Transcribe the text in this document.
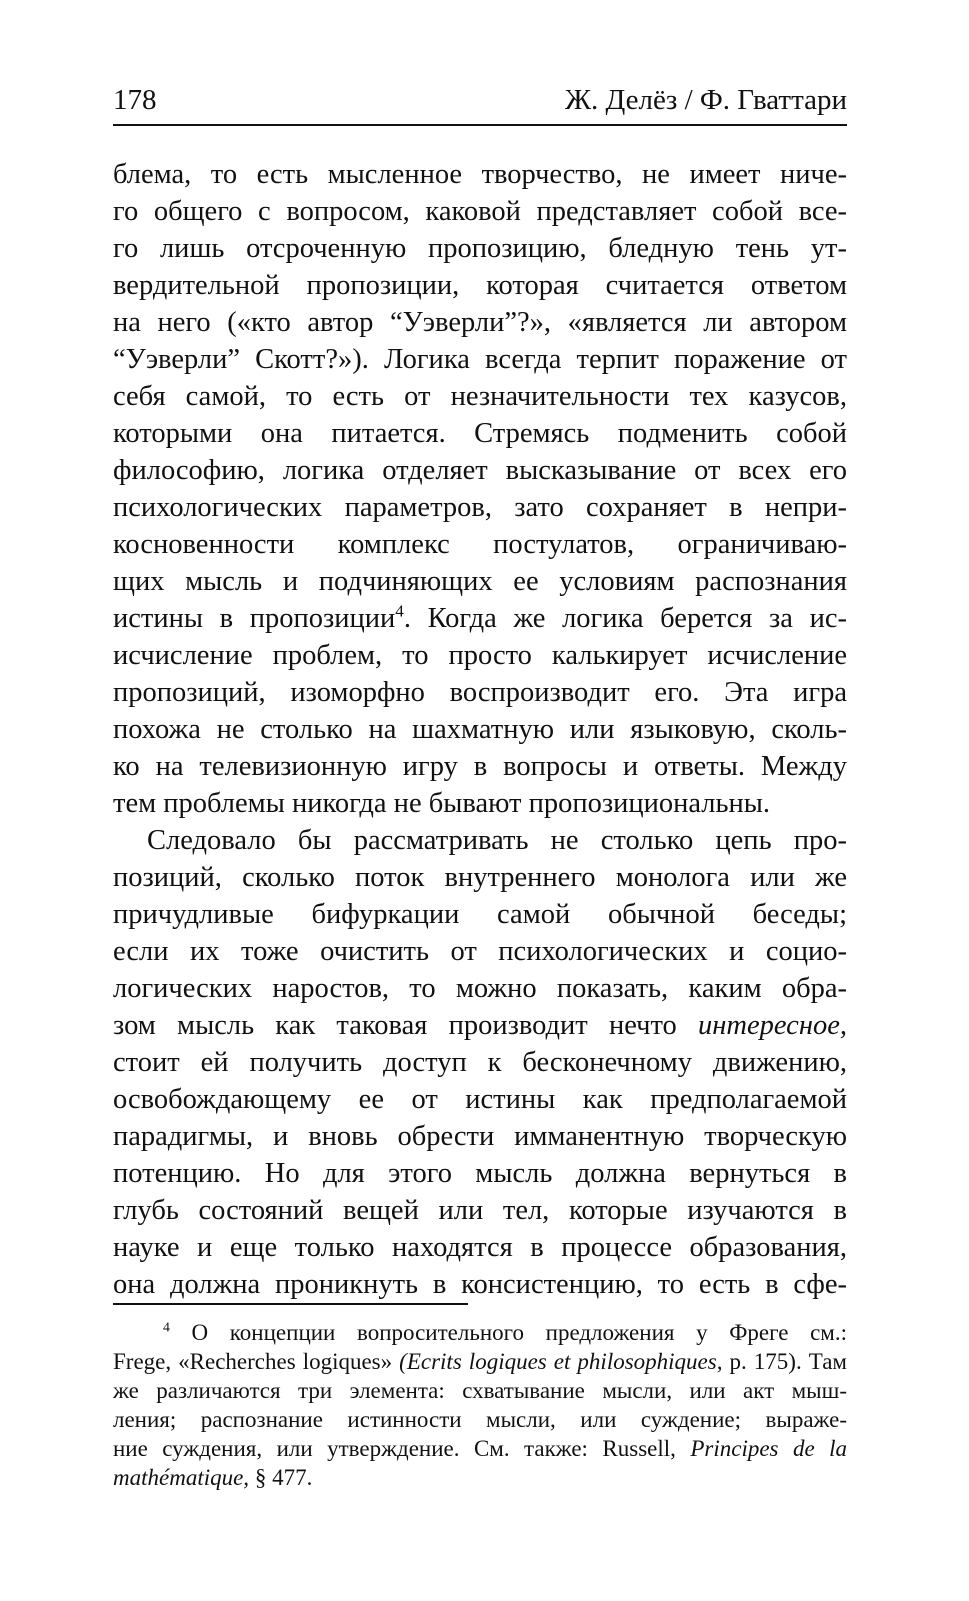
178	Ж. Делёз / Ф. Гваттари
блема, то есть мысленное творчество, не имеет ниче-
го общего с вопросом, каковой представляет собой все-
го лишь отсроченную пропозицию, бледную тень ут-
вердительной пропозиции, которая считается ответом
на него («кто автор “Уэверли”?», «является ли автором
“Уэверли” Скотт?»). Логика всегда терпит поражение от
себя самой, то есть от незначительности тех казусов,
которыми она питается. Стремясь подменить собой
философию, логика отделяет высказывание от всех его
психологических параметров, зато сохраняет в непри-
косновенности комплекс постулатов, ограничиваю-
щих мысль и подчиняющих ее условиям распознания
истины в пропозиции$^4$. Когда же логика берется за ис-
исчисление проблем, то просто калькирует исчисление
пропозиций, изоморфно воспроизводит его. Эта игра
похожа не столько на шахматную или языковую, сколь-
ко на телевизионную игру в вопросы и ответы. Между
тем проблемы никогда не бывают пропозициональны.
Следовало бы рассматривать не столько цепь про-
позиций, сколько поток внутреннего монолога или же
причудливые бифуркации самой обычной беседы;
если их тоже очистить от психологических и социо-
логических наростов, то можно показать, каким обра-
зом мысль как таковая производит нечто интересное,
стоит ей получить доступ к бесконечному движению,
освобождающему ее от истины как предполагаемой
парадигмы, и вновь обрести имманентную творческую
потенцию. Но для этого мысль должна вернуться в
глубь состояний вещей или тел, которые изучаются в
науке и еще только находятся в процессе образования,
она должна проникнуть в консистенцию, то есть в сфе-
$^4$ О концепции вопросительного предложения у Фреге см.:
Frege, «Recherches logiques» (Ecrits logiques et philosophiques, p. 175). Там
же различаются три элемента: схватывание мысли, или акт мыш-
ления; распознание истинности мысли, или суждение; выраже-
ние суждения, или утверждение. См. также: Russell, Principes de la
mathématique, § 477.
